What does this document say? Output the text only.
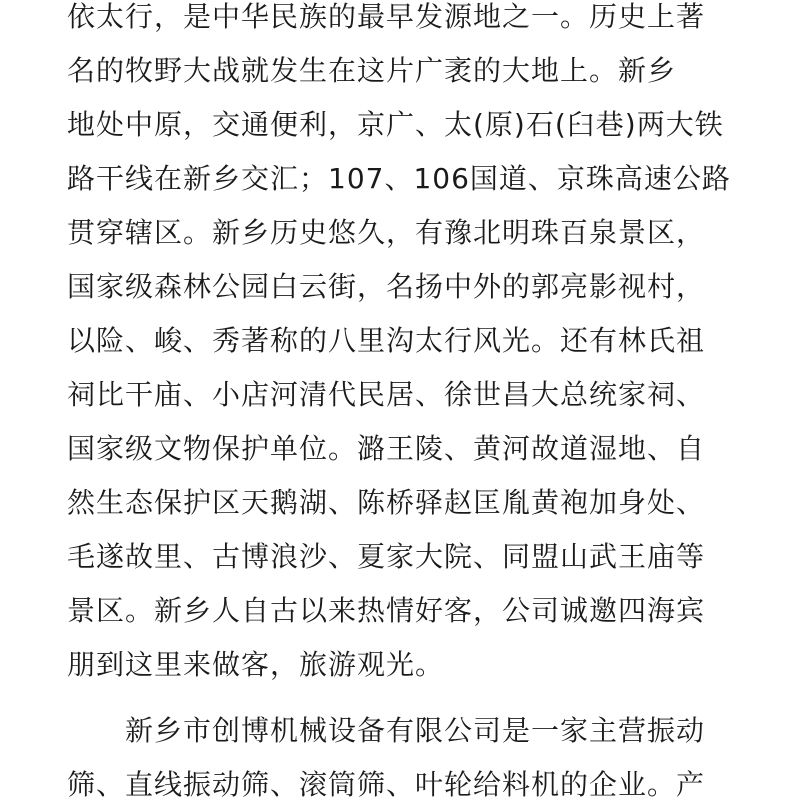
依太行，是中华民族的最早发源地之一。历史上著
名的牧野大战就发生在这片广袤的大地上。新乡
地处中原，交通便利，京广、太(原)石(臼巷)两大铁
路干线在新乡交汇；107、106国道、京珠高速公路
贯穿辖区。新乡历史悠久，有豫北明珠百泉景区，
国家级森林公园白云街，名扬中外的郭亮影视村，
以险、峻、秀著称的八里沟太行风光。还有林氏祖
祠比干庙、小店河清代民居、徐世昌大总统家祠、
国家级文物保护单位。潞王陵、黄河故道湿地、自
然生态保护区天鹅湖、陈桥驿赵匡胤黄袍加身处、
毛遂故里、古博浪沙、夏家大院、同盟山武王庙等
景区。新乡人自古以来热情好客，公司诚邀四海宾
朋到这里来做客，旅游观光。
新乡市创博机械设备有限公司是一家主营振动
筛、直线振动筛、滚筒筛、叶轮给料机的企业。产
